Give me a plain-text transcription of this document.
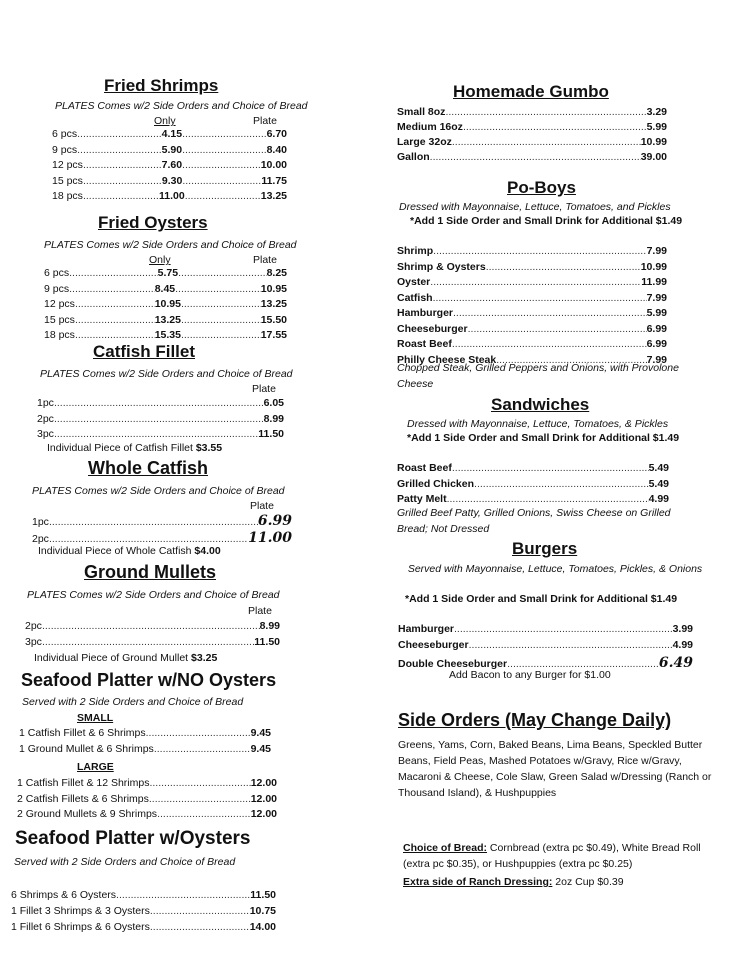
Fried Shrimps
PLATES Comes w/2 Side Orders and Choice of Bread
Only	Plate
6 pcs .....	4.15 .....	6.70
9 pcs .....	5.90 .....	8.40
12 pcs .....	7.60 .....	10.00
15 pcs .....	9.30 .....	11.75
18 pcs .....	11.00 .....	13.25
Fried Oysters
PLATES Comes w/2 Side Orders and Choice of Bread
Only	Plate
6 pcs .....	5.75 .....	8.25
9 pcs .....	8.45 .....	10.95
12 pcs .....	10.95 .....	13.25
15 pcs .....	13.25 .....	15.50
18 pcs .....	15.35 .....	17.55
Catfish Fillet
PLATES Comes w/2 Side Orders and Choice of Bread
Plate
1pc .....	6.05
2pc .....	8.99
3pc .....	11.50
Individual Piece of Catfish Fillet $3.55
Whole Catfish
PLATES Comes w/2 Side Orders and Choice of Bread
Plate
1pc .....	6.99
2pc .....	11.00
Individual Piece of Whole Catfish $4.00
Ground Mullets
PLATES Comes w/2 Side Orders and Choice of Bread
Plate
2pc .....	8.99
3pc .....	11.50
Individual Piece of Ground Mullet $3.25
Seafood Platter w/NO Oysters
Served with 2 Side Orders and Choice of Bread
SMALL
1 Catfish Fillet & 6 Shrimps .....	9.45
1 Ground Mullet & 6 Shrimps .....	9.45
LARGE
1 Catfish Fillet & 12 Shrimps .....	12.00
2 Catfish Fillets & 6 Shrimps .....	12.00
2 Ground Mullets & 9 Shrimps .....	12.00
Seafood Platter w/Oysters
Served with 2 Side Orders and Choice of Bread
6 Shrimps & 6 Oysters .....	11.50
1 Fillet 3 Shrimps & 3 Oysters .....	10.75
1 Fillet 6 Shrimps & 6 Oysters .....	14.00
Homemade Gumbo
Small 8oz .....	3.29
Medium 16oz .....	5.99
Large 32oz .....	10.99
Gallon .....	39.00
Po-Boys
Dressed with Mayonnaise, Lettuce, Tomatoes, and Pickles
*Add 1 Side Order and Small Drink for Additional $1.49
Shrimp .....	7.99
Shrimp & Oysters .....	10.99
Oyster .....	11.99
Catfish .....	7.99
Hamburger .....	5.99
Cheeseburger .....	6.99
Roast Beef .....	6.99
Philly Cheese Steak .....	7.99
Chopped Steak, Grilled Peppers and Onions, with Provolone Cheese
Sandwiches
Dressed with Mayonnaise, Lettuce, Tomatoes, & Pickles
*Add 1 Side Order and Small Drink for Additional $1.49
Roast Beef .....	5.49
Grilled Chicken .....	5.49
Patty Melt .....	4.99
Grilled Beef Patty, Grilled Onions, Swiss Cheese on Grilled Bread; Not Dressed
Burgers
Served with Mayonnaise, Lettuce, Tomatoes, Pickles, & Onions
*Add 1 Side Order and Small Drink for Additional $1.49
Hamburger .....	3.99
Cheeseburger .....	4.99
Double Cheeseburger .....	6.49
Add Bacon to any Burger for $1.00
Side Orders (May Change Daily)
Greens, Yams, Corn, Baked Beans, Lima Beans, Speckled Butter Beans, Field Peas, Mashed Potatoes w/Gravy, Rice w/Gravy, Macaroni & Cheese, Cole Slaw, Green Salad w/Dressing (Ranch or Thousand Island), & Hushpuppies
Choice of Bread: Cornbread (extra pc $0.49), White Bread Roll (extra pc $0.35), or Hushpuppies (extra pc $0.25)
Extra side of Ranch Dressing: 2oz Cup $0.39
